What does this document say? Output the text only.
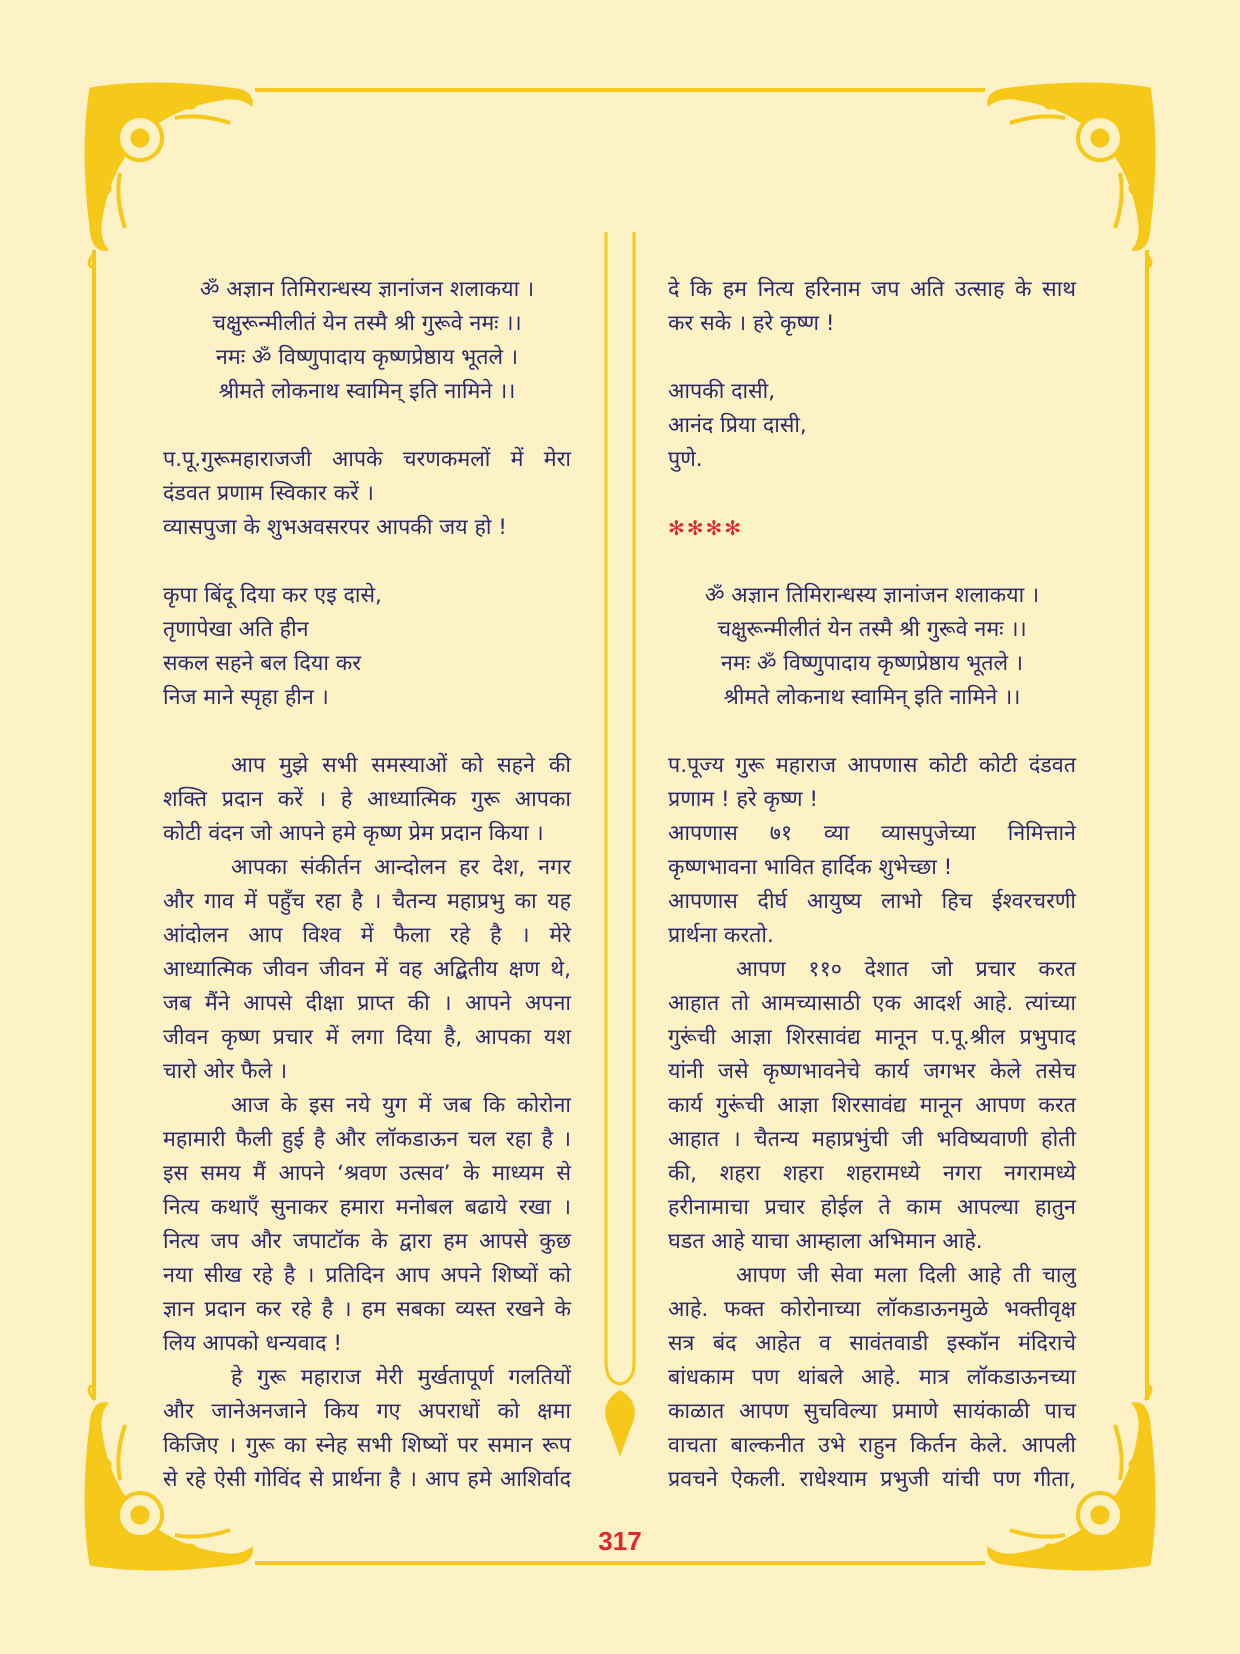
ॐ अज्ञान तिमिरान्धस्य ज्ञानांजन शलाकया ।
चक्षुरून्मीलीतं येन तस्मै श्री गुरूवे नमः ।।
नमः ॐ विष्णुपादाय कृष्णप्रेष्ठाय भूतले ।
श्रीमते लोकनाथ स्वामिन् इति नामिने ।।
प.पू.गुरूमहाराजजी आपके चरणकमलों में मेरा
दंडवत प्रणाम स्विकार करें ।
व्यासपुजा के शुभअवसरपर आपकी जय हो !
कृपा बिंदू दिया कर एइ दासे,
तृणापेखा अति हीन
सकल सहने बल दिया कर
निज माने स्पृहा हीन ।
आप मुझे सभी समस्याओं को सहने की
शक्ति प्रदान करें । हे आध्यात्मिक गुरू आपका
कोटी वंदन जो आपने हमे कृष्ण प्रेम प्रदान किया ।
आपका संकीर्तन आन्दोलन हर देश, नगर
और गाव में पहुँच रहा है । चैतन्य महाप्रभु का यह
आंदोलन आप विश्व में फैला रहे है । मेरे
आध्यात्मिक जीवन जीवन में वह अद्बितीय क्षण थे,
जब मैंने आपसे दीक्षा प्राप्त की । आपने अपना
जीवन कृष्ण प्रचार में लगा दिया है, आपका यश
चारो ओर फैले ।
आज के इस नये युग में जब कि कोरोना
महामारी फैली हुई है और लॉकडाऊन चल रहा है ।
इस समय मैं आपने ‘श्रवण उत्सव’ के माध्यम से
नित्य कथाएँ सुनाकर हमारा मनोबल बढाये रखा ।
नित्य जप और जपाटॉक के द्वारा हम आपसे कुछ
नया सीख रहे है । प्रतिदिन आप अपने शिष्यों को
ज्ञान प्रदान कर रहे है । हम सबका व्यस्त रखने के
लिय आपको धन्यवाद !
हे गुरू महाराज मेरी मुर्खतापूर्ण गलतियों
और जानेअनजाने किय गए अपराधों को क्षमा
किजिए । गुरू का स्नेह सभी शिष्यों पर समान रूप
से रहे ऐसी गोविंद से प्रार्थना है । आप हमे आशिर्वाद
दे कि हम नित्य हरिनाम जप अति उत्साह के साथ
कर सके । हरे कृष्ण !
आपकी दासी,
आनंद प्रिया दासी,
पुणे.
✻✻✻✻
ॐ अज्ञान तिमिरान्धस्य ज्ञानांजन शलाकया ।
चक्षुरून्मीलीतं येन तस्मै श्री गुरूवे नमः ।।
नमः ॐ विष्णुपादाय कृष्णप्रेष्ठाय भूतले ।
श्रीमते लोकनाथ स्वामिन् इति नामिने ।।
प.पूज्य गुरू महाराज आपणास कोटी कोटी दंडवत
प्रणाम ! हरे कृष्ण !
आपणास ७१ व्या व्यासपुजेच्या निमित्ताने
कृष्णभावना भावित हार्दिक शुभेच्छा !
आपणास दीर्घ आयुष्य लाभो हिच ईश्वरचरणी
प्रार्थना करतो.
आपण ११० देशात जो प्रचार करत
आहात तो आमच्यासाठी एक आदर्श आहे. त्यांच्या
गुरूंची आज्ञा शिरसावंद्य मानून प.पू.श्रील प्रभुपाद
यांनी जसे कृष्णभावनेचे कार्य जगभर केले तसेच
कार्य गुरूंची आज्ञा शिरसावंद्य मानून आपण करत
आहात । चैतन्य महाप्रभुंची जी भविष्यवाणी होती
की, शहरा शहरा शहरामध्ये नगरा नगरामध्ये
हरीनामाचा प्रचार होईल ते काम आपल्या हातुन
घडत आहे याचा आम्हाला अभिमान आहे.
आपण जी सेवा मला दिली आहे ती चालु
आहे. फक्त कोरोनाच्या लॉकडाऊनमुळे भक्तीवृक्ष
सत्र बंद आहेत व सावंतवाडी इस्कॉन मंदिराचे
बांधकाम पण थांबले आहे. मात्र लॉकडाऊनच्या
काळात आपण सुचविल्या प्रमाणे सायंकाळी पाच
वाचता बाल्कनीत उभे राहुन किर्तन केले. आपली
प्रवचने ऐकली. राधेश्याम प्रभुजी यांची पण गीता,
317
